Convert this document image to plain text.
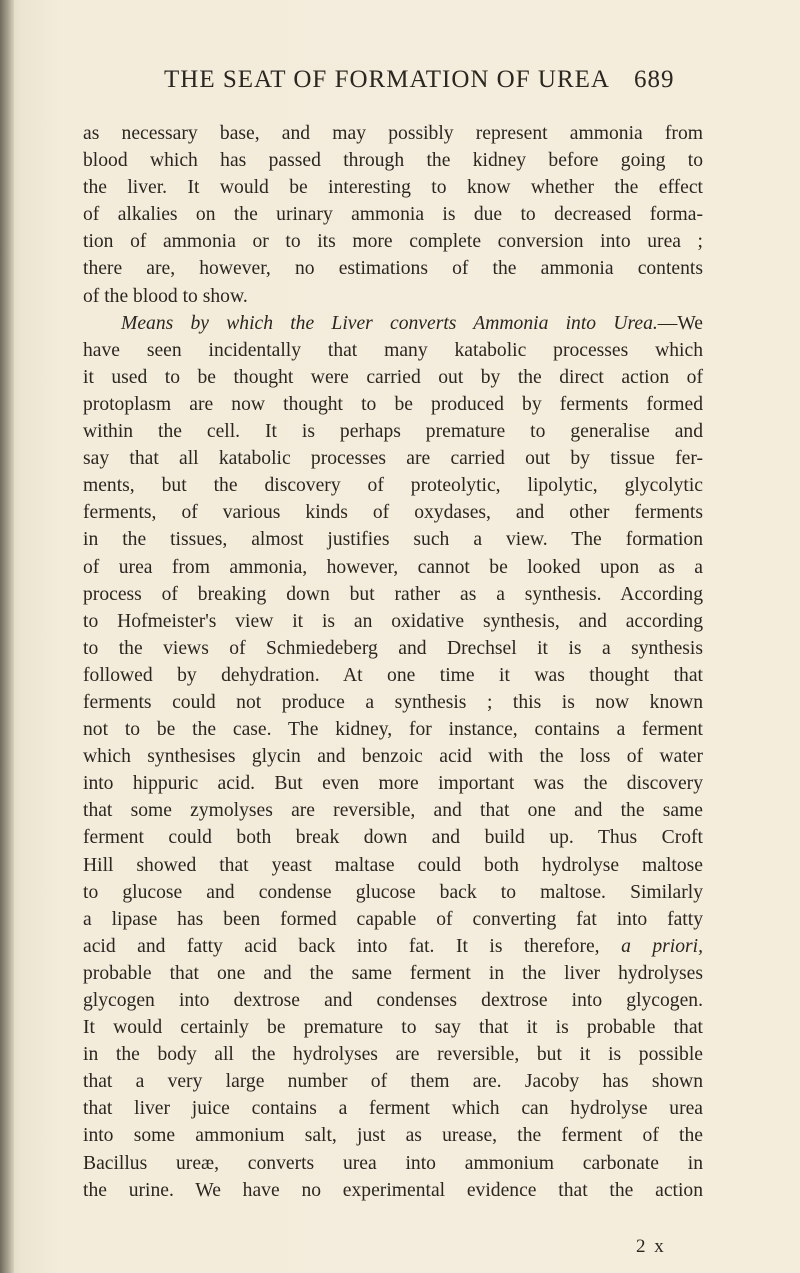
THE SEAT OF FORMATION OF UREA 689
as necessary base, and may possibly represent ammonia from
blood which has passed through the kidney before going to
the liver. It would be interesting to know whether the effect
of alkalies on the urinary ammonia is due to decreased forma-
tion of ammonia or to its more complete conversion into urea ;
there are, however, no estimations of the ammonia contents
of the blood to show.
Means by which the Liver converts Ammonia into Urea.—We
have seen incidentally that many katabolic processes which
it used to be thought were carried out by the direct action of
protoplasm are now thought to be produced by ferments formed
within the cell. It is perhaps premature to generalise and
say that all katabolic processes are carried out by tissue fer-
ments, but the discovery of proteolytic, lipolytic, glycolytic
ferments, of various kinds of oxydases, and other ferments
in the tissues, almost justifies such a view. The formation
of urea from ammonia, however, cannot be looked upon as a
process of breaking down but rather as a synthesis. According
to Hofmeister's view it is an oxidative synthesis, and according
to the views of Schmiedeberg and Drechsel it is a synthesis
followed by dehydration. At one time it was thought that
ferments could not produce a synthesis ; this is now known
not to be the case. The kidney, for instance, contains a ferment
which synthesises glycin and benzoic acid with the loss of water
into hippuric acid. But even more important was the discovery
that some zymolyses are reversible, and that one and the same
ferment could both break down and build up. Thus Croft
Hill showed that yeast maltase could both hydrolyse maltose
to glucose and condense glucose back to maltose. Similarly
a lipase has been formed capable of converting fat into fatty
acid and fatty acid back into fat. It is therefore, a priori,
probable that one and the same ferment in the liver hydrolyses
glycogen into dextrose and condenses dextrose into glycogen.
It would certainly be premature to say that it is probable that
in the body all the hydrolyses are reversible, but it is possible
that a very large number of them are. Jacoby has shown
that liver juice contains a ferment which can hydrolyse urea
into some ammonium salt, just as urease, the ferment of the
Bacillus ureæ, converts urea into ammonium carbonate in
the urine. We have no experimental evidence that the action
2 x
